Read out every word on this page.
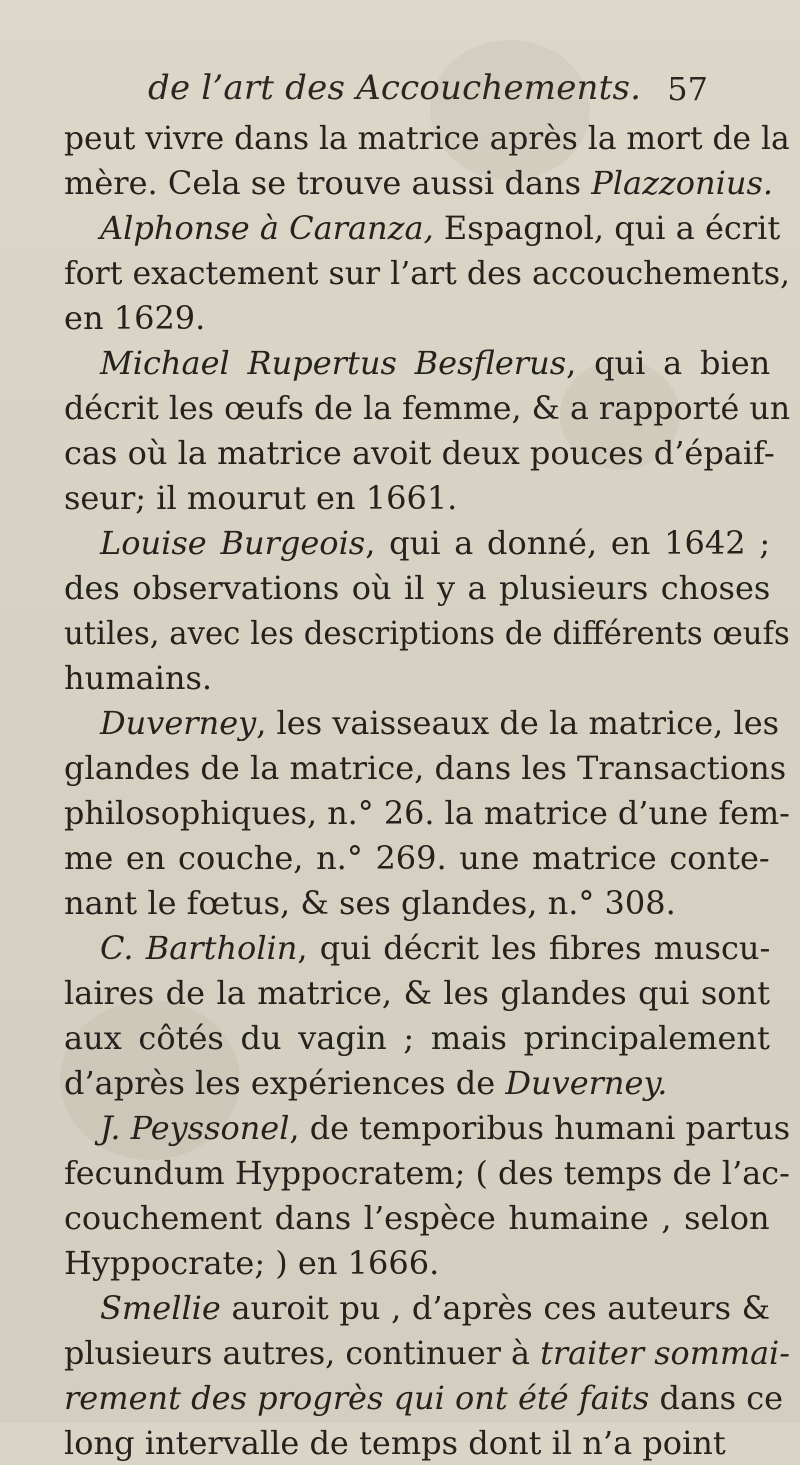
de l’art des Accouchements. 57
peut vivre dans la matrice après la mort de la
mère. Cela se trouve aussi dans Plazzonius.
Alphonse à Caranza, Espagnol, qui a écrit
fort exactement sur l’art des accouchements,
en 1629.
Michael Rupertus Besflerus, qui a bien
décrit les œufs de la femme, & a rapporté un
cas où la matrice avoit deux pouces d’épaif-
seur; il mourut en 1661.
Louise Burgeois, qui a donné, en 1642 ;
des observations où il y a plusieurs choses
utiles, avec les descriptions de différents œufs
humains.
Duverney, les vaisseaux de la matrice, les
glandes de la matrice, dans les Transactions
philosophiques, n.° 26. la matrice d’une fem-
me en couche, n.° 269. une matrice conte-
nant le fœtus, & ses glandes, n.° 308.
C. Bartholin, qui décrit les fibres muscu-
laires de la matrice, & les glandes qui sont
aux côtés du vagin ; mais principalement
d’après les expériences de Duverney.
J. Peyssonel, de temporibus humani partus
fecundum Hyppocratem; ( des temps de l’ac-
couchement dans l’espèce humaine , selon
Hyppocrate; ) en 1666.
Smellie auroit pu , d’après ces auteurs &
plusieurs autres, continuer à traiter sommai-
rement des progrès qui ont été faits dans ce
long intervalle de temps dont il n’a point
